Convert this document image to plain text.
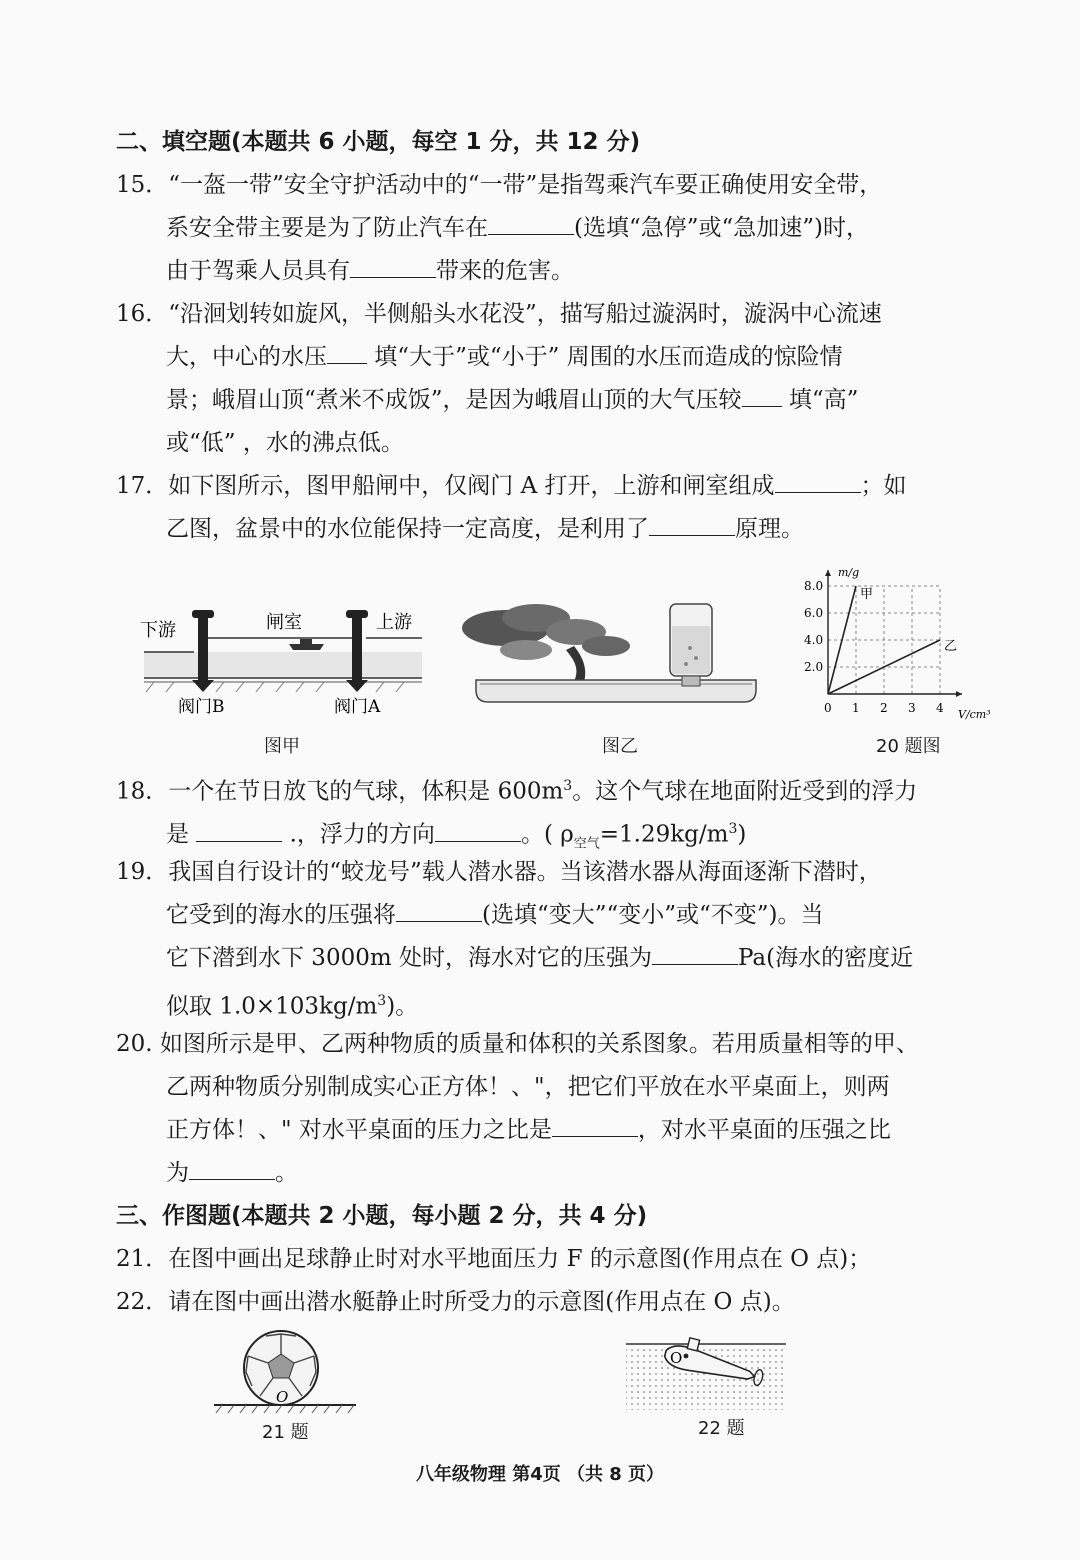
二、填空题(本题共 6 小题，每空 1 分，共 12 分)
15．“一盔一带”安全守护活动中的“一带”是指驾乘汽车要正确使用安全带，
系安全带主要是为了防止汽车在	(选填“急停”或“急加速”)时，
由于驾乘人员具有	带来的危害。
16．“沿洄划转如旋风，半侧船头水花没”，描写船过漩涡时，漩涡中心流速
大，中心的水压 填“大于”或“小于” 周围的水压而造成的惊险情
景；峨眉山顶“煮米不成饭”，是因为峨眉山顶的大气压较 填“高”
或“低” ，水的沸点低。
17．如下图所示，图甲船闸中，仅阀门 A 打开，上游和闸室组成	；如
乙图，盆景中的水位能保持一定高度，是利用了	原理。
下游	闸室	上游
阀门B	阀门A
图甲	图乙
0 1 2 3 4
2.0
4.0
6.0
8.0
V/cm³
m/g
甲
乙
20 题图
18．一个在节日放飞的气球，体积是 $600m^3$。这个气球在地面附近受到的浮力
是	.，浮力的方向	。( $\rho_{空气}=1.29kg/m^3$)
19．我国自行设计的“蛟龙号”载人潜水器。当该潜水器从海面逐渐下潜时，
它受到的海水的压强将	(选填“变大”“变小”或“不变”)。当
它下潜到水下 3000m 处时，海水对它的压强为	Pa(海水的密度近
似取 $1.0\times 103kg/m^3$)。
20. 如图所示是甲、乙两种物质的质量和体积的关系图象。若用质量相等的甲、
乙两种物质分别制成实心正方体！、"，把它们平放在水平桌面上，则两
正方体！、" 对水平桌面的压力之比是	，对水平桌面的压强之比
为	。
三、作图题(本题共 2 小题，每小题 2 分，共 4 分)
21．在图中画出足球静止时对水平地面压力 F 的示意图(作用点在 O 点)；
22．请在图中画出潜水艇静止时所受力的示意图(作用点在 O 点)。
O
21 题
O
22 题
八年级物理 第4页 （共 8 页）
